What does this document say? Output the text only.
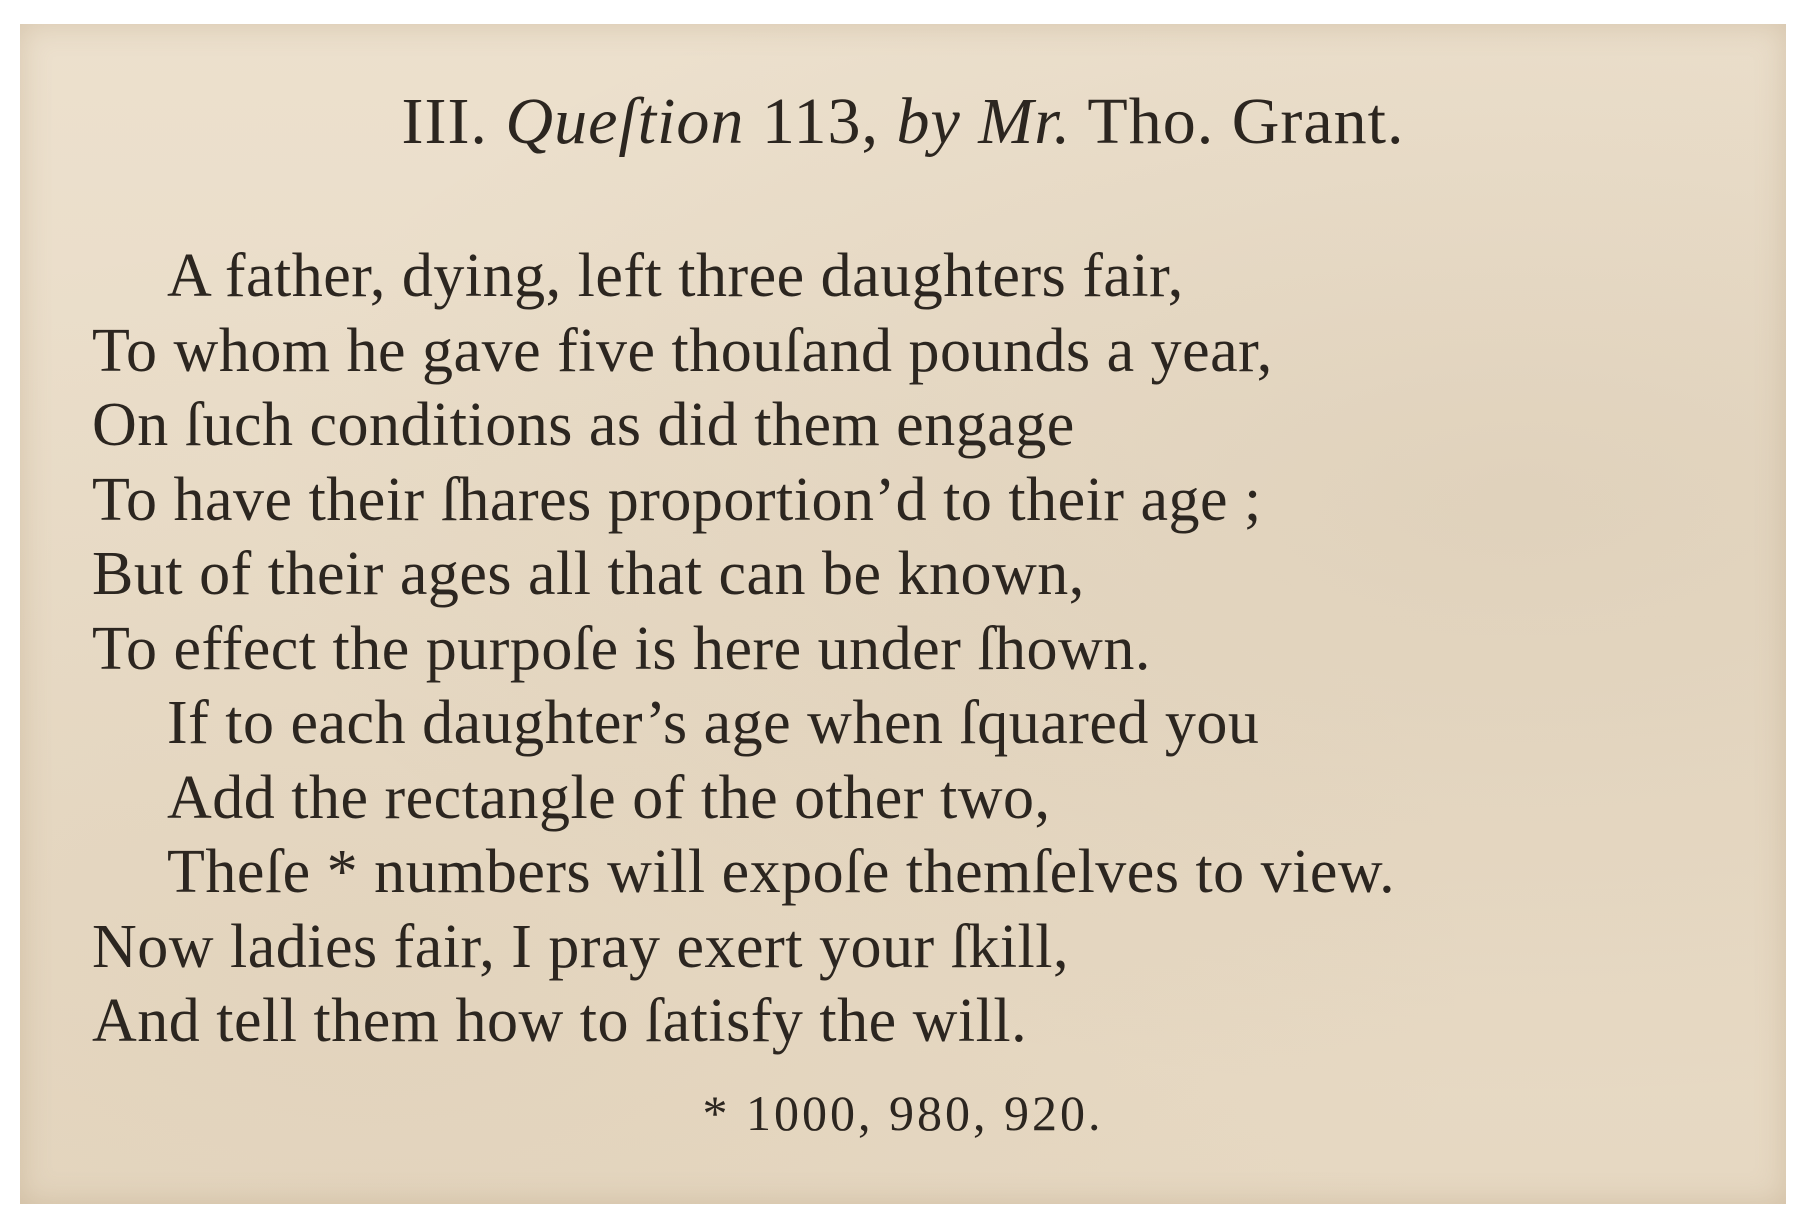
III. Queſtion 113, by Mr. Tho. Grant.
A father, dying, left three daughters fair,
To whom he gave five thouſand pounds a year,
On ſuch conditions as did them engage
To have their ſhares proportion’d to their age ;
But of their ages all that can be known,
To effect the purpoſe is here under ſhown.
If to each daughter’s age when ſquared you
Add the rectangle of the other two,
Theſe * numbers will expoſe themſelves to view.
Now ladies fair, I pray exert your ſkill,
And tell them how to ſatisfy the will.
* 1000, 980, 920.
